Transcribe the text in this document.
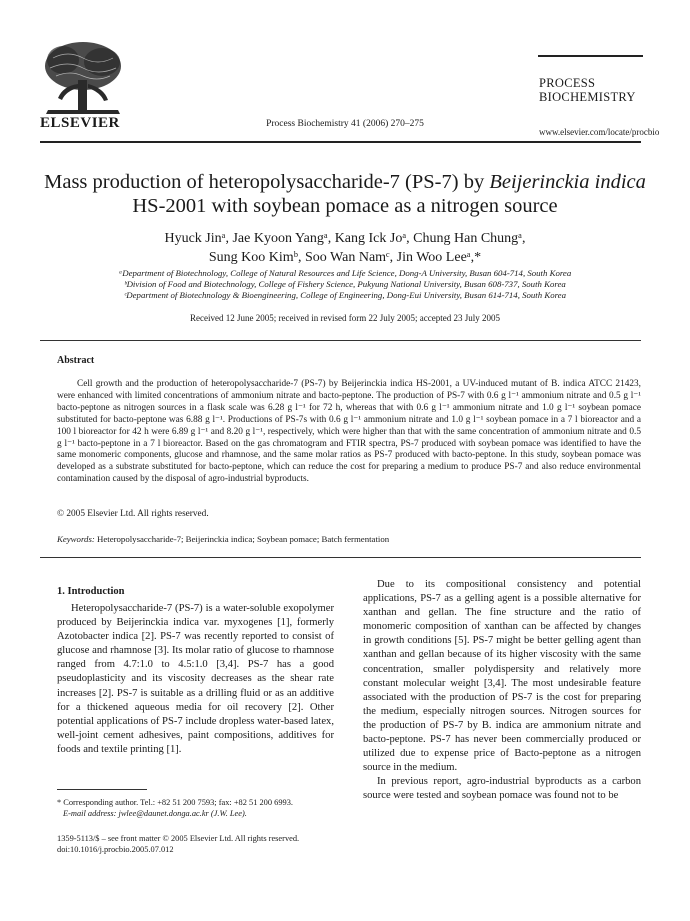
ELSEVIER	Process Biochemistry 41 (2006) 270–275
PROCESS
BIOCHEMISTRY
www.elsevier.com/locate/procbio
Mass production of heteropolysaccharide-7 (PS-7) by Beijerinckia indica
HS-2001 with soybean pomace as a nitrogen source
Hyuck Jinᵃ, Jae Kyoon Yangᵃ, Kang Ick Joᵃ, Chung Han Chungᵃ,
Sung Koo Kimᵇ, Soo Wan Namᶜ, Jin Woo Leeᵃ,*
ᵃDepartment of Biotechnology, College of Natural Resources and Life Science, Dong-A University, Busan 604-714, South Korea
ᵇDivision of Food and Biotechnology, College of Fishery Science, Pukyung National University, Busan 608-737, South Korea
ᶜDepartment of Biotechnology & Bioengineering, College of Engineering, Dong-Eui University, Busan 614-714, South Korea
Received 12 June 2005; received in revised form 22 July 2005; accepted 23 July 2005
Abstract
Cell growth and the production of heteropolysaccharide-7 (PS-7) by Beijerinckia indica HS-2001, a UV-induced mutant of B. indica ATCC 21423, were enhanced with limited concentrations of ammonium nitrate and bacto-peptone. The production of PS-7 with 0.6 g l⁻¹ ammonium nitrate and 0.5 g l⁻¹ bacto-peptone as nitrogen sources in a flask scale was 6.28 g l⁻¹ for 72 h, whereas that with 0.6 g l⁻¹ ammonium nitrate and 1.0 g l⁻¹ soybean pomace substituted for bacto-peptone was 6.88 g l⁻¹. Productions of PS-7s with 0.6 g l⁻¹ ammonium nitrate and 1.0 g l⁻¹ soybean pomace in a 7 l bioreactor and a 100 l bioreactor for 42 h were 6.89 g l⁻¹ and 8.20 g l⁻¹, respectively, which were higher than that with the same concentration of ammonium nitrate and 0.5 g l⁻¹ bacto-peptone in a 7 l bioreactor. Based on the gas chromatogram and FTIR spectra, PS-7 produced with soybean pomace was identified to have the same monomeric components, glucose and rhamnose, and the same molar ratios as PS-7 produced with bacto-peptone. In this study, soybean pomace was developed as a substrate substituted for bacto-peptone, which can reduce the cost for preparing a medium to produce PS-7 and also reduce environmental contamination caused by the disposal of agro-industrial byproducts.
© 2005 Elsevier Ltd. All rights reserved.
Keywords: Heteropolysaccharide-7; Beijerinckia indica; Soybean pomace; Batch fermentation
1. Introduction

Heteropolysaccharide-7 (PS-7) is a water-soluble exopolymer produced by Beijerinckia indica var. myxogenes [1], formerly Azotobacter indica [2]. PS-7 was recently reported to consist of glucose and rhamnose [3]. Its molar ratio of glucose to rhamnose ranged from 4.7:1.0 to 4.5:1.0 [3,4]. PS-7 has a good pseudoplasticity and its viscosity decreases as the shear rate increases [2]. PS-7 is suitable as a drilling fluid or as an additive for a thickened aqueous media for oil recovery [2]. Other potential applications of PS-7 include dropless water-based latex, well-joint cement adhesives, paint compositions, additives for foods and textile printing [1].

Due to its compositional consistency and potential applications, PS-7 as a gelling agent is a possible alternative for xanthan and gellan. The fine structure and the ratio of monomeric composition of xanthan can be affected by changes in growth conditions [5]. PS-7 might be better gelling agent than xanthan and gellan because of its higher viscosity with the same concentration, smaller polydispersity and relatively more constant molecular weight [3,4]. The most undesirable feature associated with the production of PS-7 is the cost for preparing the medium, especially nitrogen sources. Nitrogen sources for the production of PS-7 by B. indica are ammonium nitrate and bacto-peptone. PS-7 has never been commercially produced or utilized due to expense price of Bacto-peptone as a nitrogen source in the medium.

In previous report, agro-industrial byproducts as a carbon source were tested and soybean pomace was found not to be

* Corresponding author. Tel.: +82 51 200 7593; fax: +82 51 200 6993.
E-mail address: jwlee@daunet.donga.ac.kr (J.W. Lee).
1359-5113/$ – see front matter © 2005 Elsevier Ltd. All rights reserved.
doi:10.1016/j.procbio.2005.07.012
